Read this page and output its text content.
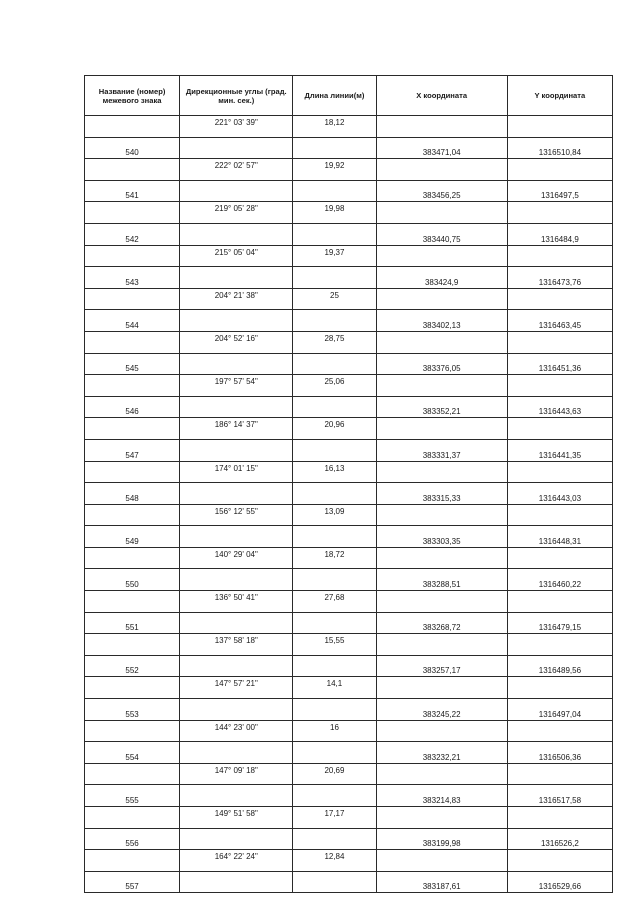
Название (номер) межевого знака	Дирекционные углы (град. мин. сек.)	Длина линии(м)	X координата	Y координата
	221° 03' 39"	18,12		
540			383471,04	1316510,84
	222° 02' 57"	19,92		
541			383456,25	1316497,5
	219° 05' 28"	19,98		
542			383440,75	1316484,9
	215° 05' 04"	19,37		
543			383424,9	1316473,76
	204° 21' 38"	25		
544			383402,13	1316463,45
	204° 52' 16"	28,75		
545			383376,05	1316451,36
	197° 57' 54"	25,06		
546			383352,21	1316443,63
	186° 14' 37"	20,96		
547			383331,37	1316441,35
	174° 01' 15"	16,13		
548			383315,33	1316443,03
	156° 12' 55"	13,09		
549			383303,35	1316448,31
	140° 29' 04"	18,72		
550			383288,51	1316460,22
	136° 50' 41"	27,68		
551			383268,72	1316479,15
	137° 58' 18"	15,55		
552			383257,17	1316489,56
	147° 57' 21"	14,1		
553			383245,22	1316497,04
	144° 23' 00"	16		
554			383232,21	1316506,36
	147° 09' 18"	20,69		
555			383214,83	1316517,58
	149° 51' 58"	17,17		
556			383199,98	1316526,2
	164° 22' 24"	12,84		
557			383187,61	1316529,66
